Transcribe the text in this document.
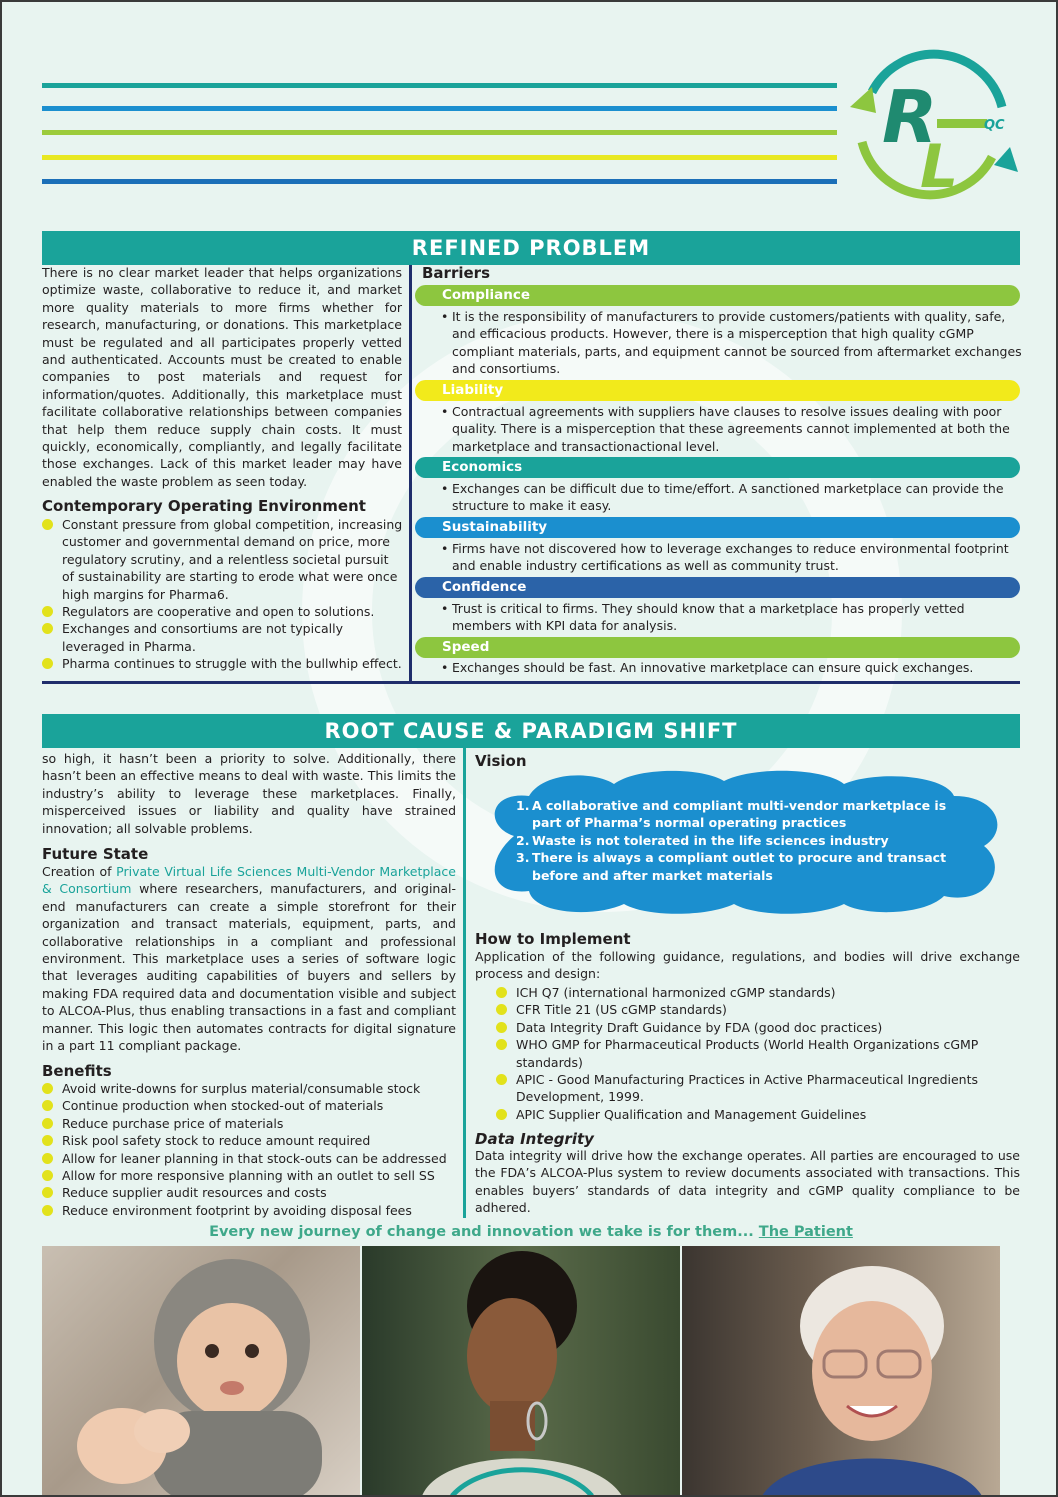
R
L
QC
REFINED PROBLEM
There is no clear market leader that helps organizations optimize waste, collaborative to reduce it, and market more quality materials to more firms whether for research, manufacturing, or donations. This marketplace must be regulated and all participates properly vetted and authenticated. Accounts must be created to enable companies to post materials and request for information/quotes. Additionally, this marketplace must facilitate collaborative relationships between companies that help them reduce supply chain costs. It must quickly, economically, compliantly, and legally facilitate those exchanges. Lack of this market leader may have enabled the waste problem as seen today.
Contemporary Operating Environment
Constant pressure from global competition, increasing customer and governmental demand on price, more regulatory scrutiny, and a relentless societal pursuit of sustainability are starting to erode what were once high margins for Pharma6.
Regulators are cooperative and open to solutions.
Exchanges and consortiums are not typically leveraged in Pharma.
Pharma continues to struggle with the bullwhip effect.
Barriers
Compliance
• It is the responsibility of manufacturers to provide customers/patients with quality, safe, and efficacious products. However, there is a misperception that high quality cGMP compliant materials, parts, and equipment cannot be sourced from aftermarket exchanges and consortiums.
Liability
• Contractual agreements with suppliers have clauses to resolve issues dealing with poor quality. There is a misperception that these agreements cannot implemented at both the marketplace and transactionactional level.
Economics
• Exchanges can be difficult due to time/effort. A sanctioned marketplace can provide the structure to make it easy.
Sustainability
• Firms have not discovered how to leverage exchanges to reduce environmental footprint and enable industry certifications as well as community trust.
Confidence
• Trust is critical to firms. They should know that a marketplace has properly vetted members with KPI data for analysis.
Speed
• Exchanges should be fast. An innovative marketplace can ensure quick exchanges.
ROOT CAUSE & PARADIGM SHIFT
so high, it hasn’t been a priority to solve. Additionally, there hasn’t been an effective means to deal with waste. This limits the industry’s ability to leverage these marketplaces. Finally, misperceived issues or liability and quality have strained innovation; all solvable problems.
Future State
Creation of Private Virtual Life Sciences Multi-Vendor Marketplace & Consortium where researchers, manufacturers, and original-end manufacturers can create a simple storefront for their organization and transact materials, equipment, parts, and collaborative relationships in a compliant and professional environment. This marketplace uses a series of software logic that leverages auditing capabilities of buyers and sellers by making FDA required data and documentation visible and subject to ALCOA-Plus, thus enabling transactions in a fast and compliant manner. This logic then automates contracts for digital signature in a part 11 compliant package.
Benefits
Avoid write-downs for surplus material/consumable stock
Continue production when stocked-out of materials
Reduce purchase price of materials
Risk pool safety stock to reduce amount required
Allow for leaner planning in that stock-outs can be addressed
Allow for more responsive planning with an outlet to sell SS
Reduce supplier audit resources and costs
Reduce environment footprint by avoiding disposal fees
Vision
1. A collaborative and compliant multi-vendor marketplace is part of Pharma’s normal operating practices
2. Waste is not tolerated in the life sciences industry
3. There is always a compliant outlet to procure and transact before and after market materials
How to Implement
Application of the following guidance, regulations, and bodies will drive exchange process and design:
ICH Q7 (international harmonized cGMP standards)
CFR Title 21 (US cGMP standards)
Data Integrity Draft Guidance by FDA (good doc practices)
WHO GMP for Pharmaceutical Products (World Health Organizations cGMP standards)
APIC - Good Manufacturing Practices in Active Pharmaceutical Ingredients Development, 1999.
APIC Supplier Qualification and Management Guidelines
Data Integrity
Data integrity will drive how the exchange operates. All parties are encouraged to use the FDA’s ALCOA-Plus system to review documents associated with transactions. This enables buyers’ standards of data integrity and cGMP quality compliance to be adhered.
Every new journey of change and innovation we take is for them... The Patient
